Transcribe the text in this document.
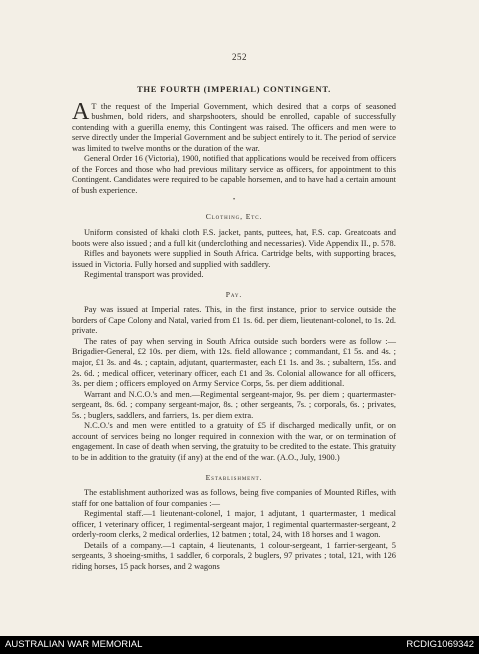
252
THE FOURTH (IMPERIAL) CONTINGENT.

A T the request of the Imperial Government, which desired that a corps of seasoned bushmen, bold riders, and sharpshooters, should be enrolled, capable of successfully contending with a guerilla enemy, this Contingent was raised. The officers and men were to serve directly under the Imperial Government and be subject entirely to it. The period of service was limited to twelve months or the duration of the war.

General Order 16 (Victoria), 1900, notified that applications would be received from officers of the Forces and those who had previous military service as officers, for appointment to this Contingent. Candidates were required to be capable horsemen, and to have had a certain amount of bush experience.

•
Clothing, Etc.

Uniform consisted of khaki cloth F.S. jacket, pants, puttees, hat, F.S. cap. Greatcoats and boots were also issued ; and a full kit (underclothing and necessaries). Vide Appendix II., p. 578.

Rifles and bayonets were supplied in South Africa. Cartridge belts, with supporting braces, issued in Victoria. Fully horsed and supplied with saddlery.

Regimental transport was provided.

Pay.

Pay was issued at Imperial rates. This, in the first instance, prior to service outside the borders of Cape Colony and Natal, varied from £1 1s. 6d. per diem, lieutenant-colonel, to 1s. 2d. private.

The rates of pay when serving in South Africa outside such borders were as follow :—Brigadier-General, £2 10s. per diem, with 12s. field allowance ; commandant, £1 5s. and 4s. ; major, £1 3s. and 4s. ; captain, adjutant, quartermaster, each £1 1s. and 3s. ; subaltern, 15s. and 2s. 6d. ; medical officer, veterinary officer, each £1 and 3s. Colonial allowance for all officers, 3s. per diem ; officers employed on Army Service Corps, 5s. per diem additional.

Warrant and N.C.O.'s and men.—Regimental sergeant-major, 9s. per diem ; quartermaster-sergeant, 8s. 6d. ; company sergeant-major, 8s. ; other sergeants, 7s. ; corporals, 6s. ; privates, 5s. ; buglers, saddlers, and farriers, 1s. per diem extra.

N.C.O.'s and men were entitled to a gratuity of £5 if discharged medically unfit, or on account of services being no longer required in connexion with the war, or on termination of engagement. In case of death when serving, the gratuity to be credited to the estate. This gratuity to be in addition to the gratuity (if any) at the end of the war. (A.O., July, 1900.)

Establishment.

The establishment authorized was as follows, being five companies of Mounted Rifles, with staff for one battalion of four companies :—

Regimental staff.—1 lieutenant-colonel, 1 major, 1 adjutant, 1 quartermaster, 1 medical officer, 1 veterinary officer, 1 regimental-sergeant major, 1 regimental quartermaster-sergeant, 2 orderly-room clerks, 2 medical orderlies, 12 batmen ; total, 24, with 18 horses and 1 wagon.

Details of a company.—1 captain, 4 lieutenants, 1 colour-sergeant, 1 farrier-sergeant, 5 sergeants, 3 shoeing-smiths, 1 saddler, 6 corporals, 2 buglers, 97 privates ; total, 121, with 126 riding horses, 15 pack horses, and 2 wagons

AUSTRALIAN WAR MEMORIAL	RCDIG1069342
